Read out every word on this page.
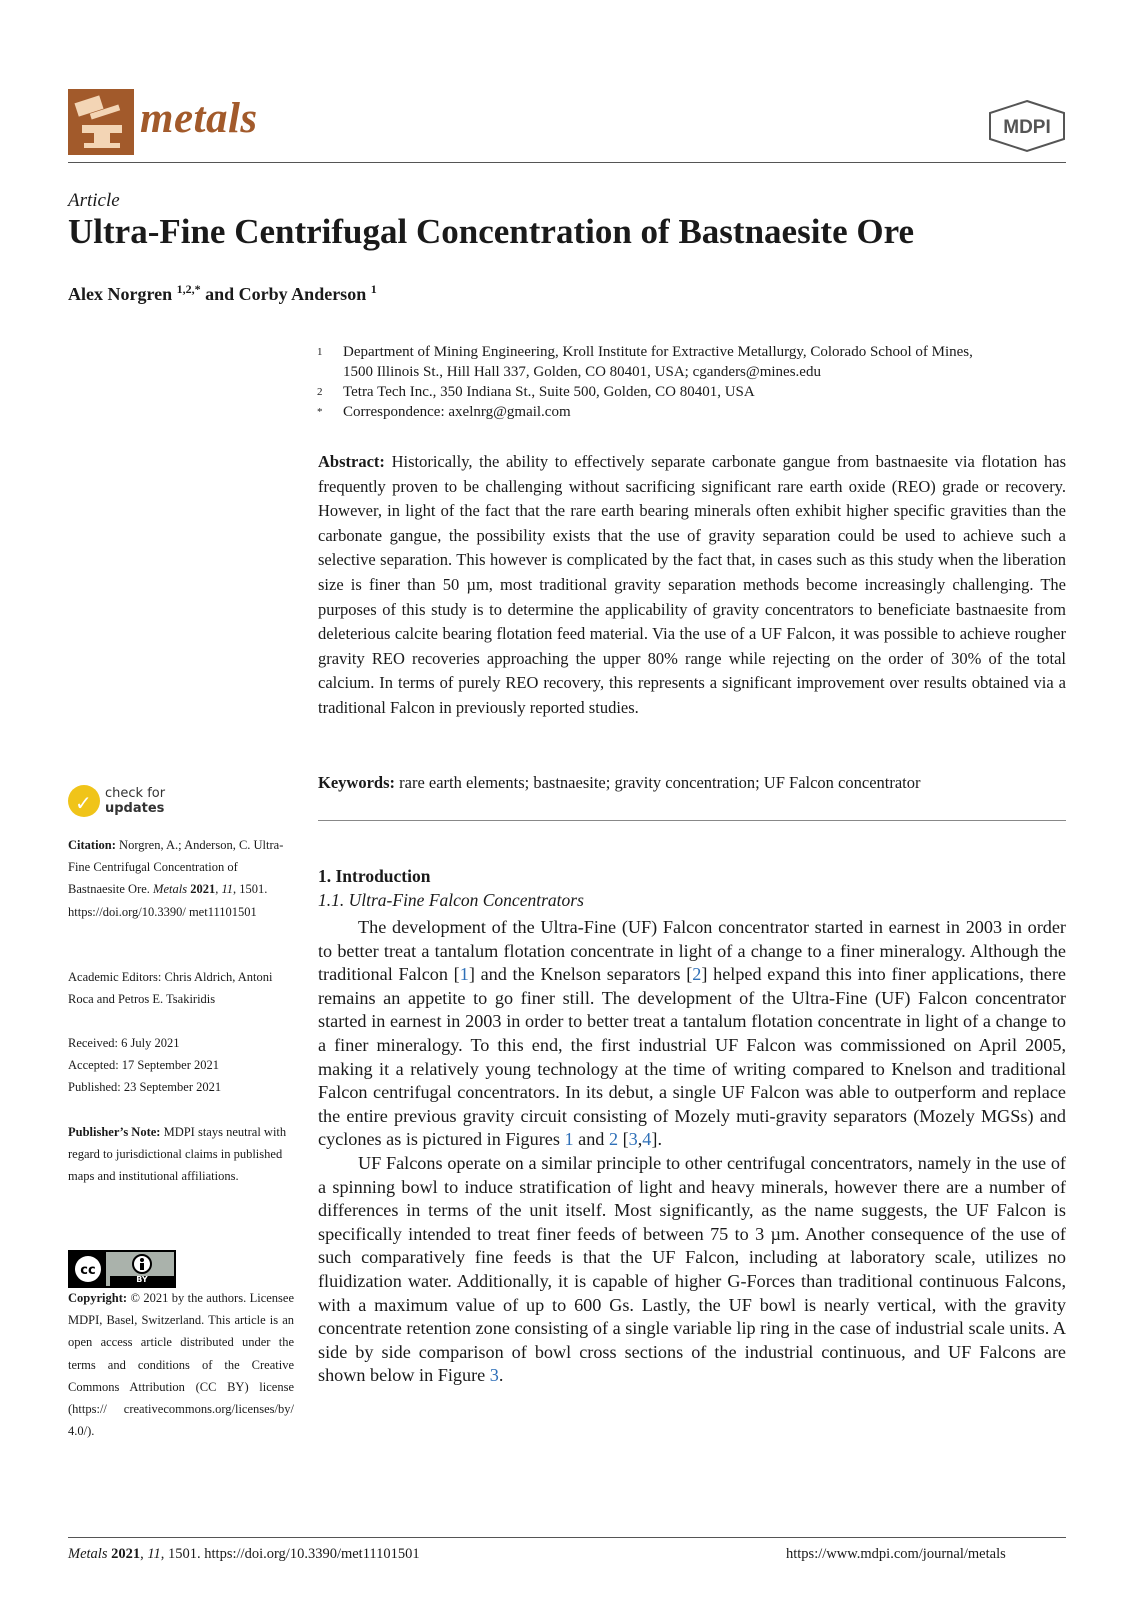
metals	MDPI
Article
Ultra-Fine Centrifugal Concentration of Bastnaesite Ore
Alex Norgren $^{1,2,*}$ and Corby Anderson $^1$
1 Department of Mining Engineering, Kroll Institute for Extractive Metallurgy, Colorado School of Mines,
1500 Illinois St., Hill Hall 337, Golden, CO 80401, USA; cganders@mines.edu
2 Tetra Tech Inc., 350 Indiana St., Suite 500, Golden, CO 80401, USA
* Correspondence: axelnrg@gmail.com
Abstract: Historically, the ability to effectively separate carbonate gangue from bastnaesite via flotation has frequently proven to be challenging without sacrificing significant rare earth oxide (REO) grade or recovery. However, in light of the fact that the rare earth bearing minerals often exhibit higher specific gravities than the carbonate gangue, the possibility exists that the use of gravity separation could be used to achieve such a selective separation. This however is complicated by the fact that, in cases such as this study when the liberation size is finer than 50 µm, most traditional gravity separation methods become increasingly challenging. The purposes of this study is to determine the applicability of gravity concentrators to beneficiate bastnaesite from deleterious calcite bearing flotation feed material. Via the use of a UF Falcon, it was possible to achieve rougher gravity REO recoveries approaching the upper 80% range while rejecting on the order of 30% of the total calcium. In terms of purely REO recovery, this represents a significant improvement over results obtained via a traditional Falcon in previously reported studies.
Keywords: rare earth elements; bastnaesite; gravity concentration; UF Falcon concentrator
1. Introduction
1.1. Ultra-Fine Falcon Concentrators

The development of the Ultra-Fine (UF) Falcon concentrator started in earnest in 2003 in order to better treat a tantalum flotation concentrate in light of a change to a finer mineralogy. Although the traditional Falcon [1] and the Knelson separators [2] helped expand this into finer applications, there remains an appetite to go finer still. The development of the Ultra-Fine (UF) Falcon concentrator started in earnest in 2003 in order to better treat a tantalum flotation concentrate in light of a change to a finer mineralogy. To this end, the first industrial UF Falcon was commissioned on April 2005, making it a relatively young technology at the time of writing compared to Knelson and traditional Falcon centrifugal concentrators. In its debut, a single UF Falcon was able to outperform and replace the entire previous gravity circuit consisting of Mozely muti-gravity separators (Mozely MGSs) and cyclones as is pictured in Figures 1 and 2 [3,4].

UF Falcons operate on a similar principle to other centrifugal concentrators, namely in the use of a spinning bowl to induce stratification of light and heavy minerals, however there are a number of differences in terms of the unit itself. Most significantly, as the name suggests, the UF Falcon is specifically intended to treat finer feeds of between 75 to 3 µm. Another consequence of the use of such comparatively fine feeds is that the UF Falcon, including at laboratory scale, utilizes no fluidization water. Additionally, it is capable of higher G-Forces than traditional continuous Falcons, with a maximum value of up to 600 Gs. Lastly, the UF bowl is nearly vertical, with the gravity concentrate retention zone consisting of a single variable lip ring in the case of industrial scale units. A side by side comparison of bowl cross sections of the industrial continuous, and UF Falcons are shown below in Figure 3.

✓ check for
updates
Citation: Norgren, A.; Anderson, C. Ultra-Fine Centrifugal Concentration of Bastnaesite Ore. Metals 2021, 11, 1501. https://doi.org/10.3390/ met11101501
Academic Editors: Chris Aldrich, Antoni Roca and Petros E. Tsakiridis
Received: 6 July 2021
Accepted: 17 September 2021
Published: 23 September 2021
Publisher’s Note: MDPI stays neutral with regard to jurisdictional claims in published maps and institutional affiliations.
cc
BY
Copyright: © 2021 by the authors. Licensee MDPI, Basel, Switzerland. This article is an open access article distributed under the terms and conditions of the Creative Commons Attribution (CC BY) license (https:// creativecommons.org/licenses/by/ 4.0/).
Metals 2021, 11, 1501. https://doi.org/10.3390/met11101501	https://www.mdpi.com/journal/metals
